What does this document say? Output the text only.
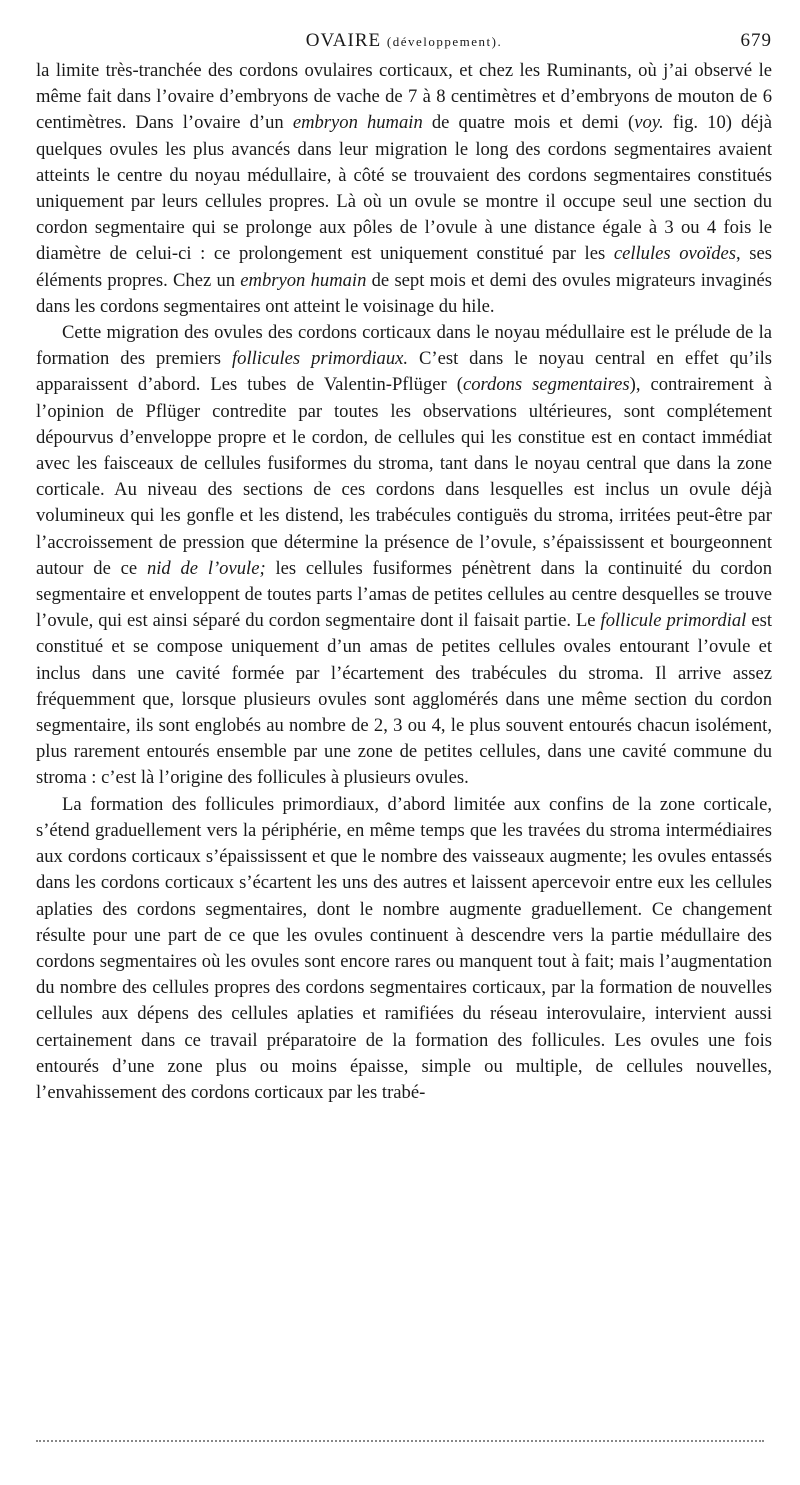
OVAIRE (développement).	679

la limite très-tranchée des cordons ovulaires corticaux, et chez les Ruminants, où j’ai observé le même fait dans l’ovaire d’embryons de vache de 7 à 8 centimètres et d’embryons de mouton de 6 centimètres. Dans l’ovaire d’un embryon humain de quatre mois et demi (voy. fig. 10) déjà quelques ovules les plus avancés dans leur migration le long des cordons segmentaires avaient atteints le centre du noyau médullaire, à côté se trouvaient des cordons segmentaires constitués uniquement par leurs cellules propres. Là où un ovule se montre il occupe seul une section du cordon segmentaire qui se prolonge aux pôles de l’ovule à une distance égale à 3 ou 4 fois le diamètre de celui-ci : ce prolongement est uniquement constitué par les cellules ovoïdes, ses éléments propres. Chez un embryon humain de sept mois et demi des ovules migrateurs invaginés dans les cordons segmentaires ont atteint le voisinage du hile.

Cette migration des ovules des cordons corticaux dans le noyau médullaire est le prélude de la formation des premiers follicules primordiaux. C’est dans le noyau central en effet qu’ils apparaissent d’abord. Les tubes de Valentin-Pflüger (cordons segmentaires), contrairement à l’opinion de Pflüger contredite par toutes les observations ultérieures, sont complétement dépourvus d’enveloppe propre et le cordon, de cellules qui les constitue est en contact immédiat avec les faisceaux de cellules fusiformes du stroma, tant dans le noyau central que dans la zone corticale. Au niveau des sections de ces cordons dans lesquelles est inclus un ovule déjà volumineux qui les gonfle et les distend, les trabécules contiguës du stroma, irritées peut-être par l’accroissement de pression que détermine la présence de l’ovule, s’épaississent et bourgeonnent autour de ce nid de l’ovule; les cellules fusiformes pénètrent dans la continuité du cordon segmentaire et enveloppent de toutes parts l’amas de petites cellules au centre desquelles se trouve l’ovule, qui est ainsi séparé du cordon segmentaire dont il faisait partie. Le follicule primordial est constitué et se compose uniquement d’un amas de petites cellules ovales entourant l’ovule et inclus dans une cavité formée par l’écartement des trabécules du stroma. Il arrive assez fréquemment que, lorsque plusieurs ovules sont agglomérés dans une même section du cordon segmentaire, ils sont englobés au nombre de 2, 3 ou 4, le plus souvent entourés chacun isolément, plus rarement entourés ensemble par une zone de petites cellules, dans une cavité commune du stroma : c’est là l’origine des follicules à plusieurs ovules.

La formation des follicules primordiaux, d’abord limitée aux confins de la zone corticale, s’étend graduellement vers la périphérie, en même temps que les travées du stroma intermédiaires aux cordons corticaux s’épaississent et que le nombre des vaisseaux augmente; les ovules entassés dans les cordons corticaux s’écartent les uns des autres et laissent apercevoir entre eux les cellules aplaties des cordons segmentaires, dont le nombre augmente graduellement. Ce changement résulte pour une part de ce que les ovules continuent à descendre vers la partie médullaire des cordons segmentaires où les ovules sont encore rares ou manquent tout à fait; mais l’augmentation du nombre des cellules propres des cordons segmentaires corticaux, par la formation de nouvelles cellules aux dépens des cellules aplaties et ramifiées du réseau interovulaire, intervient aussi certainement dans ce travail préparatoire de la formation des follicules. Les ovules une fois entourés d’une zone plus ou moins épaisse, simple ou multiple, de cellules nouvelles, l’envahissement des cordons corticaux par les trabé-
